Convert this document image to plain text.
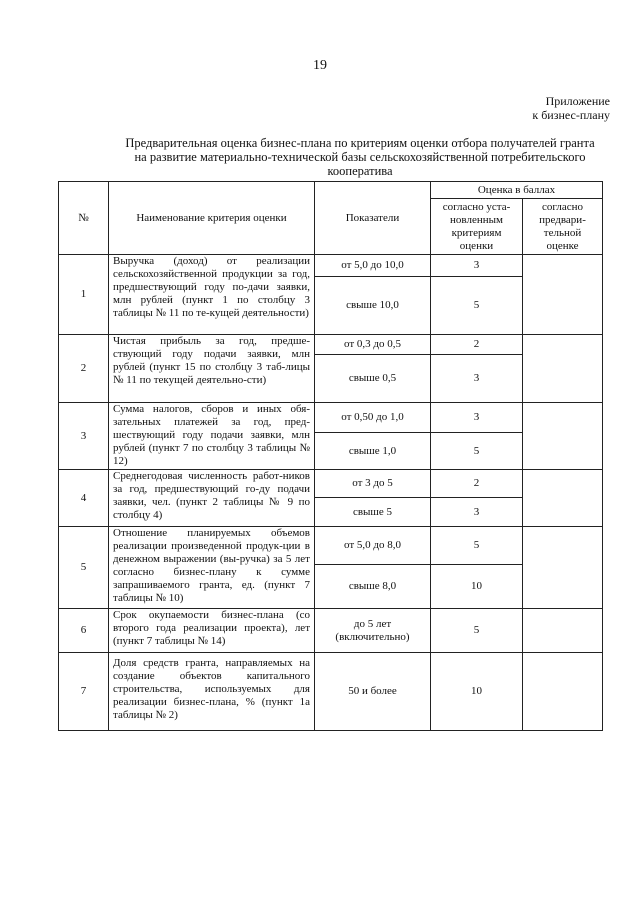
19
Приложение
к бизнес-плану
Предварительная оценка бизнес-плана по критериям оценки отбора получателей гранта
на развитие материально-технической базы сельскохозяйственной потребительского
кооператива
№	Наименование критерия оценки	Показатели	Оценка в баллах	
			согласно уста-новленным критериям оценки	согласно предвари-тельной оценке
1	Выручка (доход) от реализации сельскохозяйственной продукции за год, предшествующий году по-дачи заявки, млн рублей (пункт 1 по столбцу 3 таблицы № 11 по те-кущей деятельности)	от 5,0 до 10,0	3	
		свыше 10,0	5	
2	Чистая прибыль за год, предше-ствующий году подачи заявки, млн рублей (пункт 15 по столбцу 3 таб-лицы № 11 по текущей деятельно-сти)	от 0,3 до 0,5	2	
		свыше 0,5	3	
3	Сумма налогов, сборов и иных обя-зательных платежей за год, пред-шествующий году подачи заявки, млн рублей (пункт 7 по столбцу 3 таблицы № 12)	от 0,50 до 1,0	3	
		свыше 1,0	5	
4	Среднегодовая численность работ-ников за год, предшествующий го-ду подачи заявки, чел. (пункт 2 таблицы № 9 по столбцу 4)	от 3 до 5	2	
		свыше 5	3	
5	Отношение планируемых объемов реализации произведенной продук-ции в денежном выражении (вы-ручка) за 5 лет согласно бизнес-плану к сумме запрашиваемого гранта, ед. (пункт 7 таблицы № 10)	от 5,0 до 8,0	5	
		свыше 8,0	10	
6	Срок окупаемости бизнес-плана (со второго года реализации проекта), лет (пункт 7 таблицы № 14)	до 5 лет (включительно)	5	
7	Доля средств гранта, направляемых на создание объектов капитального строительства, используемых для реализации бизнес-плана, % (пункт 1а таблицы № 2)	50 и более	10	
